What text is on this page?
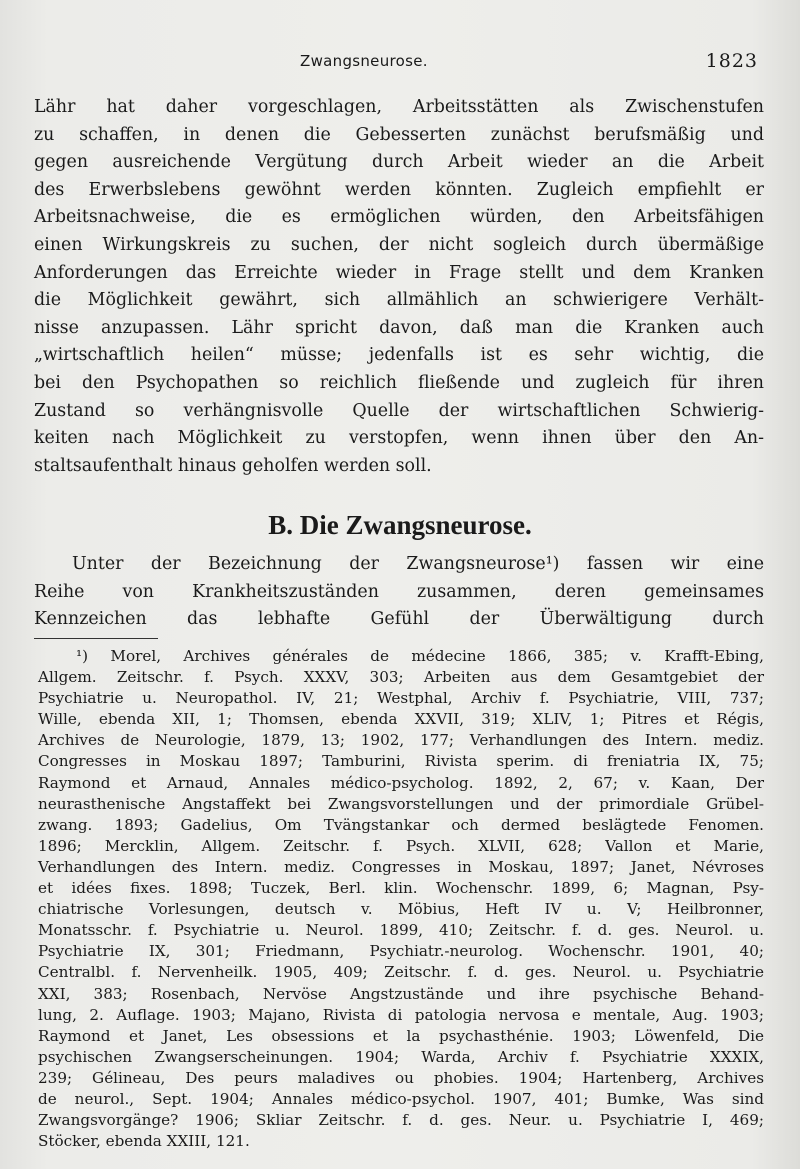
Zwangsneurose.	1823
Lähr hat daher vorgeschlagen, Arbeitsstätten als Zwischenstufen
zu schaffen, in denen die Gebesserten zunächst berufsmäßig und
gegen ausreichende Vergütung durch Arbeit wieder an die Arbeit
des Erwerbslebens gewöhnt werden könnten. Zugleich empfiehlt er
Arbeitsnachweise, die es ermöglichen würden, den Arbeitsfähigen
einen Wirkungskreis zu suchen, der nicht sogleich durch übermäßige
Anforderungen das Erreichte wieder in Frage stellt und dem Kranken
die Möglichkeit gewährt, sich allmählich an schwierigere Verhält-
nisse anzupassen. Lähr spricht davon, daß man die Kranken auch
„wirtschaftlich heilen“ müsse; jedenfalls ist es sehr wichtig, die
bei den Psychopathen so reichlich fließende und zugleich für ihren
Zustand so verhängnisvolle Quelle der wirtschaftlichen Schwierig-
keiten nach Möglichkeit zu verstopfen, wenn ihnen über den An-
staltsaufenthalt hinaus geholfen werden soll.
B. Die Zwangsneurose.
Unter der Bezeichnung der Zwangsneurose¹) fassen wir eine
Reihe von Krankheitszuständen zusammen, deren gemeinsames
Kennzeichen das lebhafte Gefühl der Überwältigung durch
¹) Morel, Archives générales de médecine 1866, 385; v. Krafft-Ebing,
Allgem. Zeitschr. f. Psych. XXXV, 303; Arbeiten aus dem Gesamtgebiet der
Psychiatrie u. Neuropathol. IV, 21; Westphal, Archiv f. Psychiatrie, VIII, 737;
Wille, ebenda XII, 1; Thomsen, ebenda XXVII, 319; XLIV, 1; Pitres et Régis,
Archives de Neurologie, 1879, 13; 1902, 177; Verhandlungen des Intern. mediz.
Congresses in Moskau 1897; Tamburini, Rivista sperim. di freniatria IX, 75;
Raymond et Arnaud, Annales médico-psycholog. 1892, 2, 67; v. Kaan, Der
neurasthenische Angstaffekt bei Zwangsvorstellungen und der primordiale Grübel-
zwang. 1893; Gadelius, Om Tvängstankar och dermed beslägtede Fenomen.
1896; Mercklin, Allgem. Zeitschr. f. Psych. XLVII, 628; Vallon et Marie,
Verhandlungen des Intern. mediz. Congresses in Moskau, 1897; Janet, Névroses
et idées fixes. 1898; Tuczek, Berl. klin. Wochenschr. 1899, 6; Magnan, Psy-
chiatrische Vorlesungen, deutsch v. Möbius, Heft IV u. V; Heilbronner,
Monatsschr. f. Psychiatrie u. Neurol. 1899, 410; Zeitschr. f. d. ges. Neurol. u.
Psychiatrie IX, 301; Friedmann, Psychiatr.-neurolog. Wochenschr. 1901, 40;
Centralbl. f. Nervenheilk. 1905, 409; Zeitschr. f. d. ges. Neurol. u. Psychiatrie
XXI, 383; Rosenbach, Nervöse Angstzustände und ihre psychische Behand-
lung, 2. Auflage. 1903; Majano, Rivista di patologia nervosa e mentale, Aug. 1903;
Raymond et Janet, Les obsessions et la psychasthénie. 1903; Löwenfeld, Die
psychischen Zwangserscheinungen. 1904; Warda, Archiv f. Psychiatrie XXXIX,
239; Gélineau, Des peurs maladives ou phobies. 1904; Hartenberg, Archives
de neurol., Sept. 1904; Annales médico-psychol. 1907, 401; Bumke, Was sind
Zwangsvorgänge? 1906; Skliar Zeitschr. f. d. ges. Neur. u. Psychiatrie I, 469;
Stöcker, ebenda XXIII, 121.
